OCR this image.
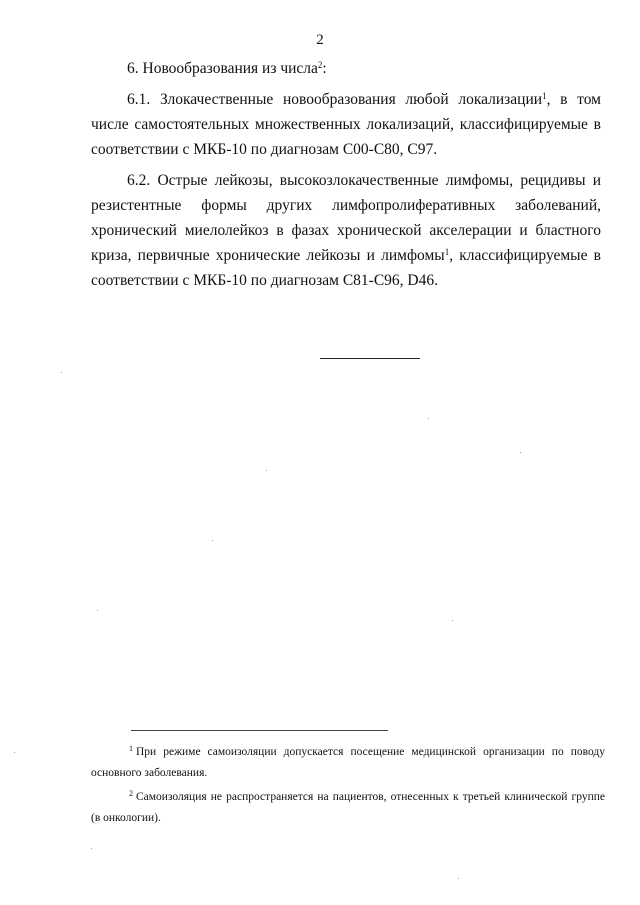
2

6. Новообразования из числа$^2$:

6.1. Злокачественные новообразования любой локализации$^1$, в том числе самостоятельных множественных локализаций, классифицируемые в соответствии с МКБ-10 по диагнозам С00-С80, С97.

6.2. Острые лейкозы, высокозлокачественные лимфомы, рецидивы и резистентные формы других лимфопролиферативных заболеваний, хронический миелолейкоз в фазах хронической акселерации и бластного криза, первичные хронические лейкозы и лимфомы$^1$, классифицируемые в соответствии с МКБ-10 по диагнозам С81-С96, D46.

$^1$ При режиме самоизоляции допускается посещение медицинской организации по поводу основного заболевания.

$^2$ Самоизоляция не распространяется на пациентов, отнесенных к третьей клинической группе (в онкологии).
